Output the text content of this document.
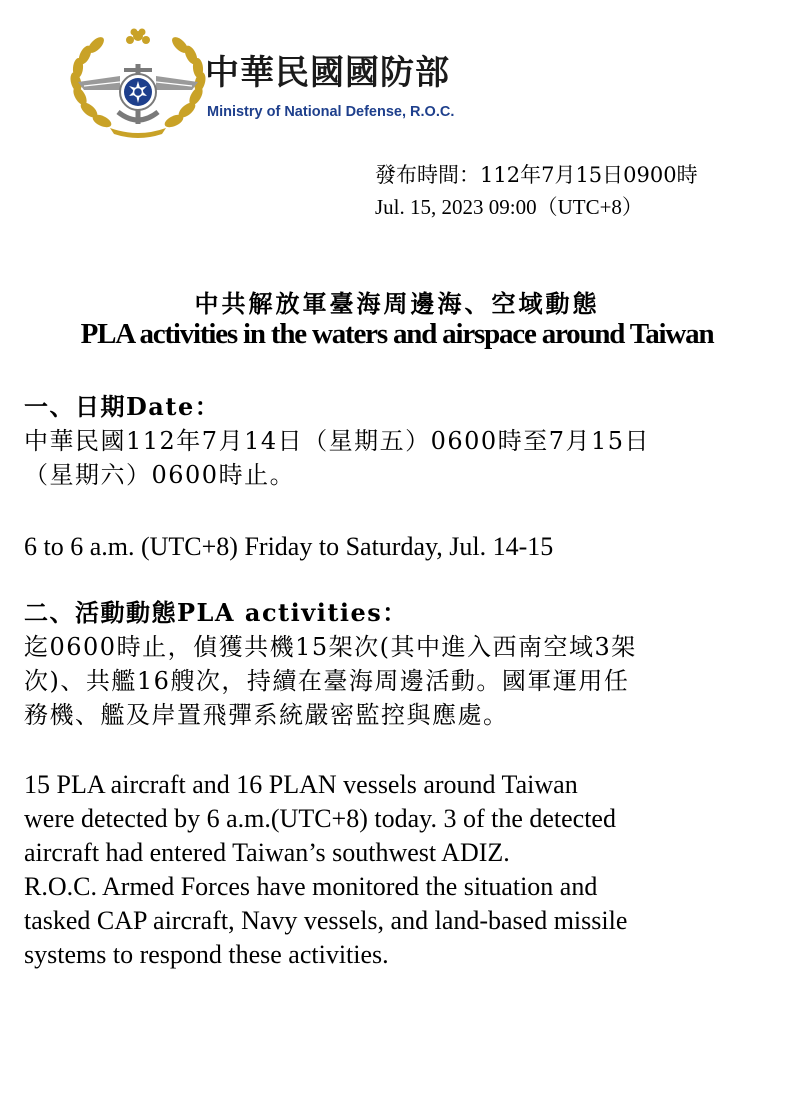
中華民國國防部
Ministry of National Defense, R.O.C.
發布時間：112年7月15日0900時
Jul. 15, 2023 09:00（UTC+8）
中共解放軍臺海周邊海、空域動態
PLA activities in the waters and airspace around Taiwan
一、日期Date：
中華民國112年7月14日（星期五）0600時至7月15日
（星期六）0600時止。
6 to 6 a.m. (UTC+8) Friday to Saturday, Jul. 14-15
二、活動動態PLA activities：
迄0600時止，偵獲共機15架次(其中進入西南空域3架
次)、共艦16艘次，持續在臺海周邊活動。國軍運用任
務機、艦及岸置飛彈系統嚴密監控與應處。
15 PLA aircraft and 16 PLAN vessels around Taiwan
were detected by 6 a.m.(UTC+8) today. 3 of the detected
aircraft had entered Taiwan’s southwest ADIZ.
R.O.C. Armed Forces have monitored the situation and
tasked CAP aircraft, Navy vessels, and land-based missile
systems to respond these activities.
